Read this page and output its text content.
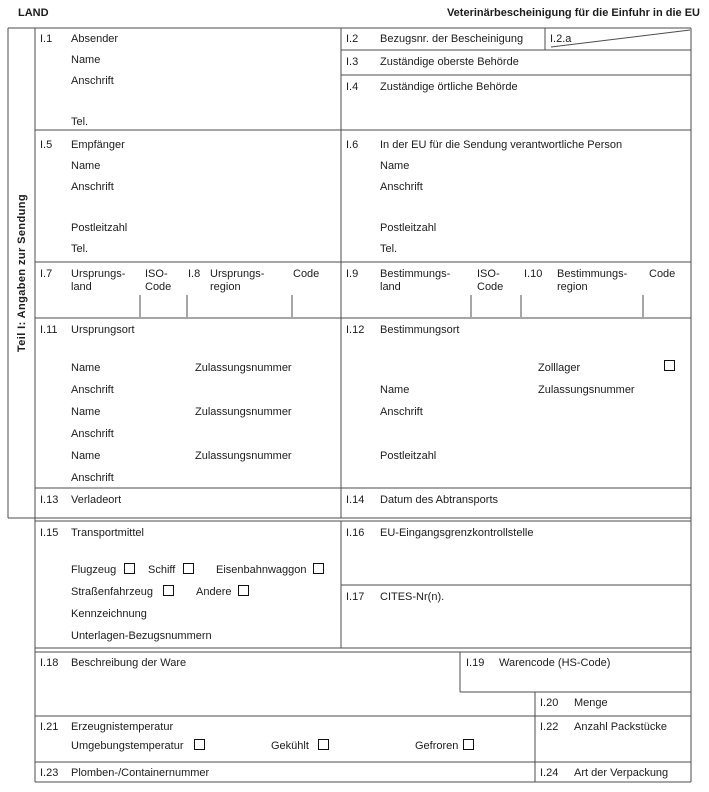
LAND	Veterinärbescheinigung für die Einfuhr in die EU
Teil I: Angaben zur Sendung
I.1 Absender
Name
Anschrift
Tel.
I.2 Bezugsnr. der Bescheinigung I.2.a
I.3 Zuständige oberste Behörde
I.4 Zuständige örtliche Behörde
I.5 Empfänger
Name
Anschrift
Postleitzahl
Tel.
I.6 In der EU für die Sendung verantwortliche Person
Name
Anschrift
Postleitzahl
Tel.
I.7 Ursprungs-land
ISO-Code
I.8 Ursprungs-region
Code I.9 Bestimmungs-land
ISO-Code
I.10 Bestimmungs-region
Code
I.11 Ursprungsort
Name	Zulassungsnummer
Anschrift
Name	Zulassungsnummer
Anschrift
Name	Zulassungsnummer
Anschrift
I.12 Bestimmungsort
Zolllager
Name	Zulassungsnummer
Anschrift
Postleitzahl
I.13 Verladeort	I.14 Datum des Abtransports
I.15 Transportmittel
Flugzeug	Schiff	Eisenbahnwaggon
Straßenfahrzeug	Andere
Kennzeichnung
Unterlagen-Bezugsnummern
I.16 EU-Eingangsgrenzkontrollstelle
I.17 CITES-Nr(n).
I.18 Beschreibung der Ware	I.19 Warencode (HS-Code)
I.20 Menge
I.21 Erzeugnistemperatur
Umgebungstemperatur	Gekühlt	Gefroren
I.22 Anzahl Packstücke
I.23 Plomben-/Containernummer	I.24 Art der Verpackung
